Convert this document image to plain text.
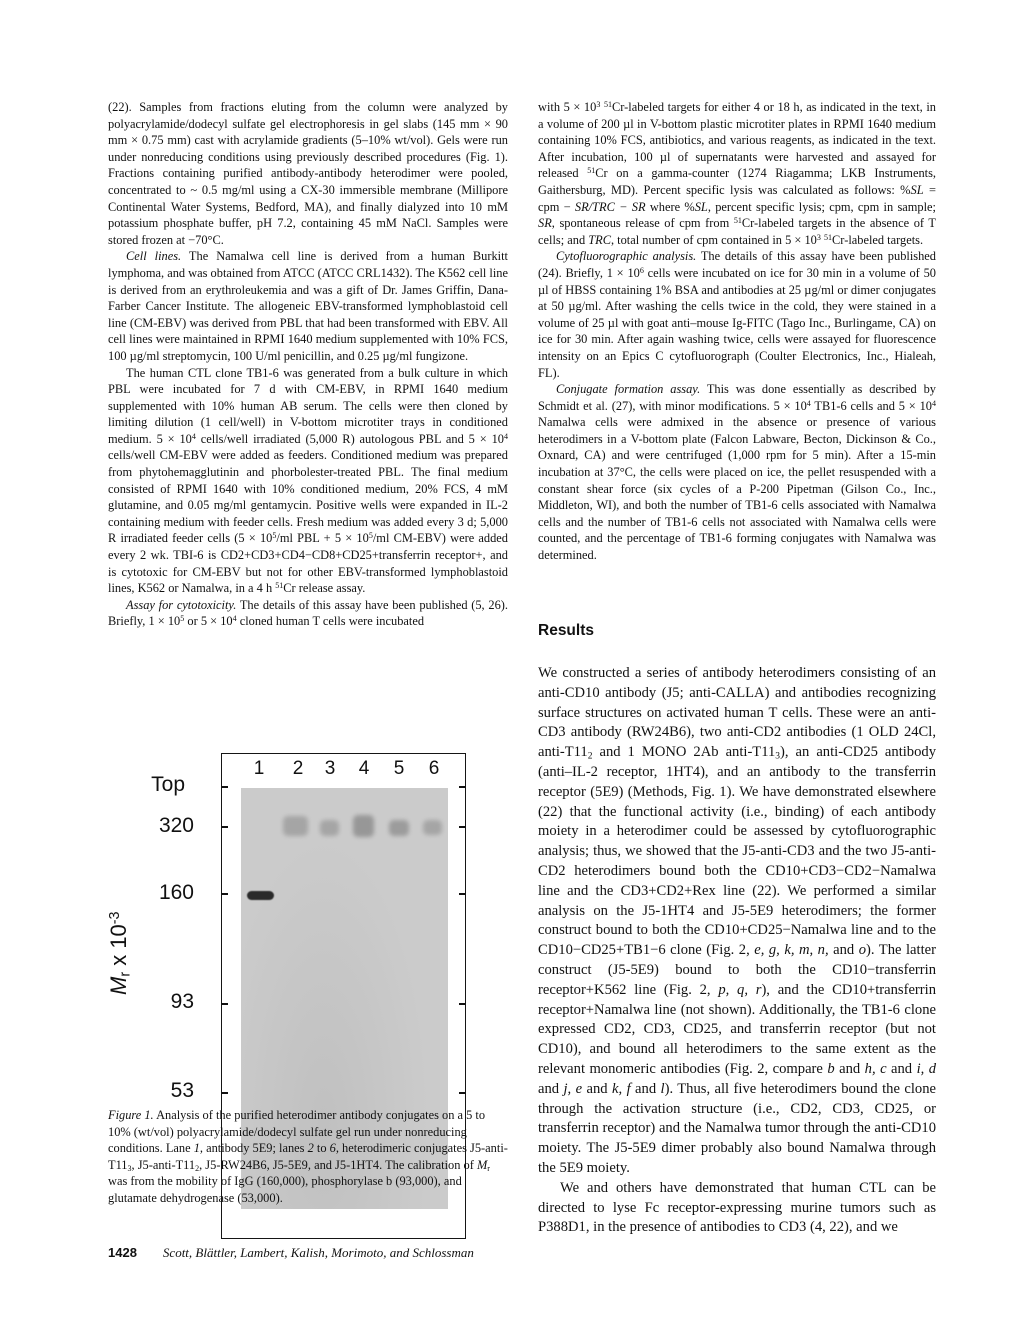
(22). Samples from fractions eluting from the column were analyzed by polyacrylamide/dodecyl sulfate gel electrophoresis in gel slabs (145 mm × 90 mm × 0.75 mm) cast with acrylamide gradients (5–10% wt/vol). Gels were run under nonreducing conditions using previously described procedures (Fig. 1). Fractions containing purified antibody-antibody heterodimer were pooled, concentrated to ~ 0.5 mg/ml using a CX-30 immersible membrane (Millipore Continental Water Systems, Bedford, MA), and finally dialyzed into 10 mM potassium phosphate buffer, pH 7.2, containing 45 mM NaCl. Samples were stored frozen at −70°C.

Cell lines. The Namalwa cell line is derived from a human Burkitt lymphoma, and was obtained from ATCC (ATCC CRL1432). The K562 cell line is derived from an erythroleukemia and was a gift of Dr. James Griffin, Dana-Farber Cancer Institute. The allogeneic EBV-transformed lymphoblastoid cell line (CM-EBV) was derived from PBL that had been transformed with EBV. All cell lines were maintained in RPMI 1640 medium supplemented with 10% FCS, 100 µg/ml streptomycin, 100 U/ml penicillin, and 0.25 µg/ml fungizone.

The human CTL clone TB1-6 was generated from a bulk culture in which PBL were incubated for 7 d with CM-EBV, in RPMI 1640 medium supplemented with 10% human AB serum. The cells were then cloned by limiting dilution (1 cell/well) in V-bottom microtiter trays in conditioned medium. $5 \times 10^4$ cells/well irradiated (5,000 R) autologous PBL and $5 \times 10^4$ cells/well CM-EBV were added as feeders. Conditioned medium was prepared from phytohemagglutinin and phorbolester-treated PBL. The final medium consisted of RPMI 1640 with 10% conditioned medium, 20% FCS, 4 mM glutamine, and 0.05 mg/ml gentamycin. Positive wells were expanded in IL-2 containing medium with feeder cells. Fresh medium was added every 3 d; 5,000 R irradiated feeder cells ($5 \times 10^5/ml$ PBL + $5 \times 10^5/ml$ CM-EBV) were added every 2 wk. TBI-6 is CD2+CD3+CD4−CD8+CD25+transferrin receptor+, and is cytotoxic for CM-EBV but not for other EBV-transformed lymphoblastoid lines, K562 or Namalwa, in a 4 h $^{51}$Cr release assay.

Assay for cytotoxicity. The details of this assay have been published (5, 26). Briefly, $1 \times 10^5$ or $5 \times 10^4$ cloned human T cells were incubated

1 2 3 4 5 6
Top
320
160
93
53
$M_r$ x $10^{-3}$
Figure 1. Analysis of the purified heterodimer antibody conjugates on a 5 to 10% (wt/vol) polyacrylamide/dodecyl sulfate gel run under nonreducing conditions. Lane 1, antibody 5E9; lanes 2 to 6, heterodimeric conjugates $J5-anti-T11_3$, $J5-anti-T11_2$, J5-RW24B6, J5-5E9, and J5-1HT4. The calibration of $M_r$ was from the mobility of IgG (160,000), phosphorylase b (93,000), and glutamate dehydrogenase (53,000).
1428 Scott, Blättler, Lambert, Kalish, Morimoto, and Schlossman

with $5 \times 10^3$ $^{51}$Cr-labeled targets for either 4 or 18 h, as indicated in the text, in a volume of 200 µl in V-bottom plastic microtiter plates in RPMI 1640 medium containing 10% FCS, antibiotics, and various reagents, as indicated in the text. After incubation, 100 µl of supernatants were harvested and assayed for released $^{51}$Cr on a gamma-counter (1274 Riagamma; LKB Instruments, Gaithersburg, MD). Percent specific lysis was calculated as follows: %SL = cpm − SR/TRC − SR where %SL, percent specific lysis; cpm, cpm in sample; SR, spontaneous release of cpm from $^{51}$Cr-labeled targets in the absence of T cells; and TRC, total number of cpm contained in $5 \times 10^3$ $^{51}$Cr-labeled targets.

Cytofluorographic analysis. The details of this assay have been published (24). Briefly, $1 \times 10^6$ cells were incubated on ice for 30 min in a volume of 50 µl of HBSS containing 1% BSA and antibodies at 25 µg/ml or dimer conjugates at 50 µg/ml. After washing the cells twice in the cold, they were stained in a volume of 25 µl with goat anti–mouse Ig-FITC (Tago Inc., Burlingame, CA) on ice for 30 min. After again washing twice, cells were assayed for fluorescence intensity on an Epics C cytofluorograph (Coulter Electronics, Inc., Hialeah, FL).

Conjugate formation assay. This was done essentially as described by Schmidt et al. (27), with minor modifications. $5 \times 10^4$ TB1-6 cells and $5 \times 10^4$ Namalwa cells were admixed in the absence or presence of various heterodimers in a V-bottom plate (Falcon Labware, Becton, Dickinson & Co., Oxnard, CA) and were centrifuged (1,000 rpm for 5 min). After a 15-min incubation at 37°C, the cells were placed on ice, the pellet resuspended with a constant shear force (six cycles of a P-200 Pipetman (Gilson Co., Inc., Middleton, WI), and both the number of TB1-6 cells associated with Namalwa cells and the number of TB1-6 cells not associated with Namalwa cells were counted, and the percentage of TB1-6 forming conjugates with Namalwa was determined.

Results

We constructed a series of antibody heterodimers consisting of an anti-CD10 antibody (J5; anti-CALLA) and antibodies recognizing surface structures on activated human T cells. These were an anti-CD3 antibody (RW24B6), two anti-CD2 antibodies (1 OLD 24Cl, anti-$T11_2$ and 1 MONO 2Ab anti-$T11_3$), an anti-CD25 antibody (anti–IL-2 receptor, 1HT4), and an antibody to the transferrin receptor (5E9) (Methods, Fig. 1). We have demonstrated elsewhere (22) that the functional activity (i.e., binding) of each antibody moiety in a heterodimer could be assessed by cytofluorographic analysis; thus, we showed that the J5-anti-CD3 and the two J5-anti-CD2 heterodimers bound both the CD10+CD3−CD2−Namalwa line and the CD3+CD2+Rex line (22). We performed a similar analysis on the J5-1HT4 and J5-5E9 heterodimers; the former construct bound to both the CD10+CD25−Namalwa line and to the CD10−CD25+TB1−6 clone (Fig. 2, e, g, k, m, n, and o). The latter construct (J5-5E9) bound to both the CD10−transferrin receptor+K562 line (Fig. 2, p, q, r), and the CD10+transferrin receptor+Namalwa line (not shown). Additionally, the TB1-6 clone expressed CD2, CD3, CD25, and transferrin receptor (but not CD10), and bound all heterodimers to the same extent as the relevant monomeric antibodies (Fig. 2, compare b and h, c and i, d and j, e and k, f and l). Thus, all five heterodimers bound the clone through the activation structure (i.e., CD2, CD3, CD25, or transferrin receptor) and the Namalwa tumor through the anti-CD10 moiety. The J5-5E9 dimer probably also bound Namalwa through the 5E9 moiety.

We and others have demonstrated that human CTL can be directed to lyse Fc receptor-expressing murine tumors such as P388D1, in the presence of antibodies to CD3 (4, 22), and we
